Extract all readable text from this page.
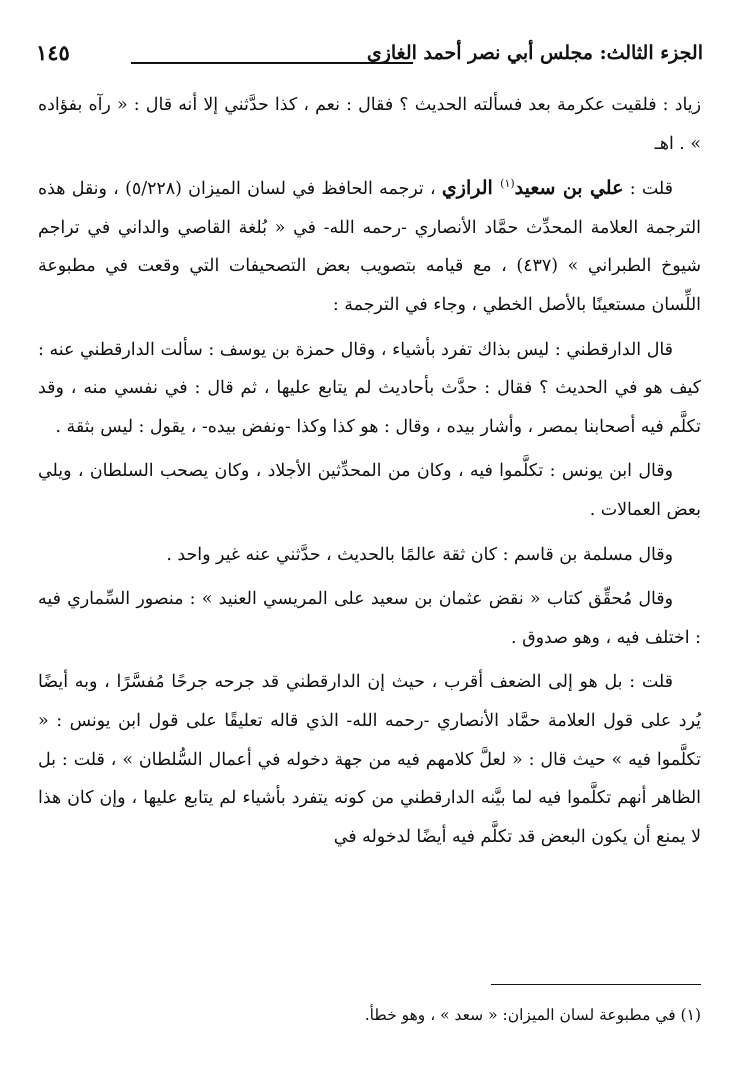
الجزء الثالث: مجلس أبي نصر أحمد الغازي
١٤٥

زياد : فلقيت عكرمة بعد فسألته الحديث ؟ فقال : نعم ، كذا حدَّثني إلا أنه قال : « رآه بفؤاده » . اهـ

قلت : علي بن سعيد$^{(١)}$ الرازي ، ترجمه الحافظ في لسان الميزان (٥/٢٢٨) ، ونقل هذه الترجمة العلامة المحدِّث حمَّاد الأنصاري -رحمه الله- في « بُلغة القاصي والداني في تراجم شيوخ الطبراني » (٤٣٧) ، مع قيامه بتصويب بعض التصحيفات التي وقعت في مطبوعة اللِّسان مستعينًا بالأصل الخطي ، وجاء في الترجمة :

قال الدارقطني : ليس بذاك تفرد بأشياء ، وقال حمزة بن يوسف : سألت الدارقطني عنه : كيف هو في الحديث ؟ فقال : حدَّث بأحاديث لم يتابع عليها ، ثم قال : في نفسي منه ، وقد تكلَّم فيه أصحابنا بمصر ، وأشار بيده ، وقال : هو كذا وكذا -ونفض بيده- ، يقول : ليس بثقة .

وقال ابن يونس : تكلَّموا فيه ، وكان من المحدِّثين الأجلاد ، وكان يصحب السلطان ، ويلي بعض العمالات .

وقال مسلمة بن قاسم : كان ثقة عالمًا بالحديث ، حدَّثني عنه غير واحد .

وقال مُحقِّق كتاب « نقض عثمان بن سعيد على المريسي العنيد » : منصور السِّماري فيه : اختلف فيه ، وهو صدوق .

قلت : بل هو إلى الضعف أقرب ، حيث إن الدارقطني قد جرحه جرحًا مُفسَّرًا ، وبه أيضًا يُرد على قول العلامة حمَّاد الأنصاري -رحمه الله- الذي قاله تعليقًا على قول ابن يونس : « تكلَّموا فيه » حيث قال : « لعلَّ كلامهم فيه من جهة دخوله في أعمال السُّلطان » ، قلت : بل الظاهر أنهم تكلَّموا فيه لما بيَّنه الدارقطني من كونه يتفرد بأشياء لم يتابع عليها ، وإن كان هذا لا يمنع أن يكون البعض قد تكلَّم فيه أيضًا لدخوله في

(١) في مطبوعة لسان الميزان: « سعد » ، وهو خطأ.
